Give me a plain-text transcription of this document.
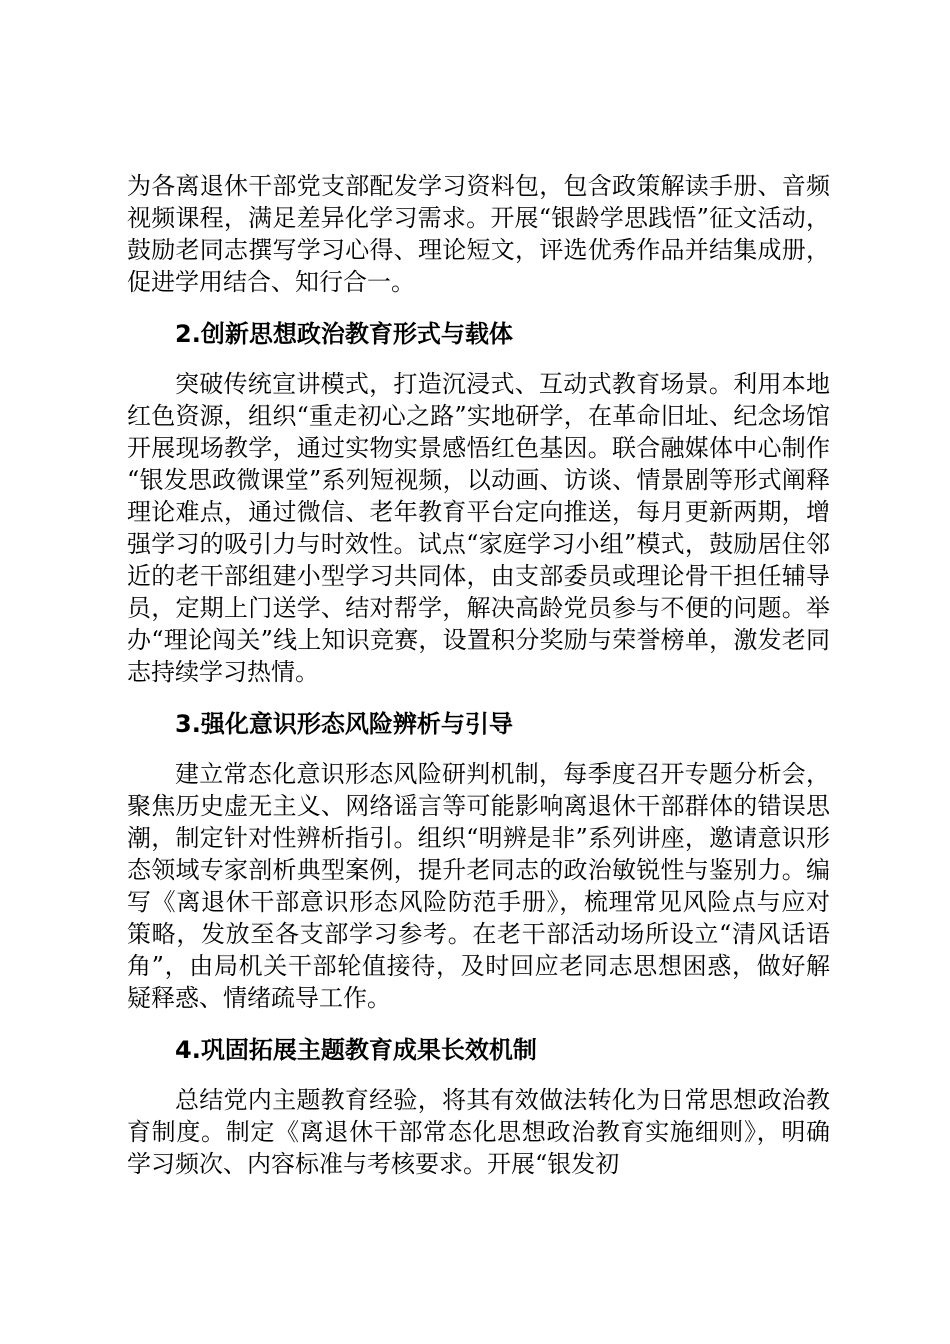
为各离退休干部党支部配发学习资料包，包含政策解读手册、音频视频课程，满足差异化学习需求。开展“银龄学思践悟”征文活动，鼓励老同志撰写学习心得、理论短文，评选优秀作品并结集成册，促进学用结合、知行合一。

2.创新思想政治教育形式与载体

突破传统宣讲模式，打造沉浸式、互动式教育场景。利用本地红色资源，组织“重走初心之路”实地研学，在革命旧址、纪念场馆开展现场教学，通过实物实景感悟红色基因。联合融媒体中心制作“银发思政微课堂”系列短视频，以动画、访谈、情景剧等形式阐释理论难点，通过微信、老年教育平台定向推送，每月更新两期，增强学习的吸引力与时效性。试点“家庭学习小组”模式，鼓励居住邻近的老干部组建小型学习共同体，由支部委员或理论骨干担任辅导员，定期上门送学、结对帮学，解决高龄党员参与不便的问题。举办“理论闯关”线上知识竞赛，设置积分奖励与荣誉榜单，激发老同志持续学习热情。

3.强化意识形态风险辨析与引导

建立常态化意识形态风险研判机制，每季度召开专题分析会，聚焦历史虚无主义、网络谣言等可能影响离退休干部群体的错误思潮，制定针对性辨析指引。组织“明辨是非”系列讲座，邀请意识形态领域专家剖析典型案例，提升老同志的政治敏锐性与鉴别力。编写《离退休干部意识形态风险防范手册》，梳理常见风险点与应对策略，发放至各支部学习参考。在老干部活动场所设立“清风话语角”，由局机关干部轮值接待，及时回应老同志思想困惑，做好解疑释惑、情绪疏导工作。

4.巩固拓展主题教育成果长效机制

总结党内主题教育经验，将其有效做法转化为日常思想政治教育制度。制定《离退休干部常态化思想政治教育实施细则》，明确学习频次、内容标准与考核要求。开展“银发初
